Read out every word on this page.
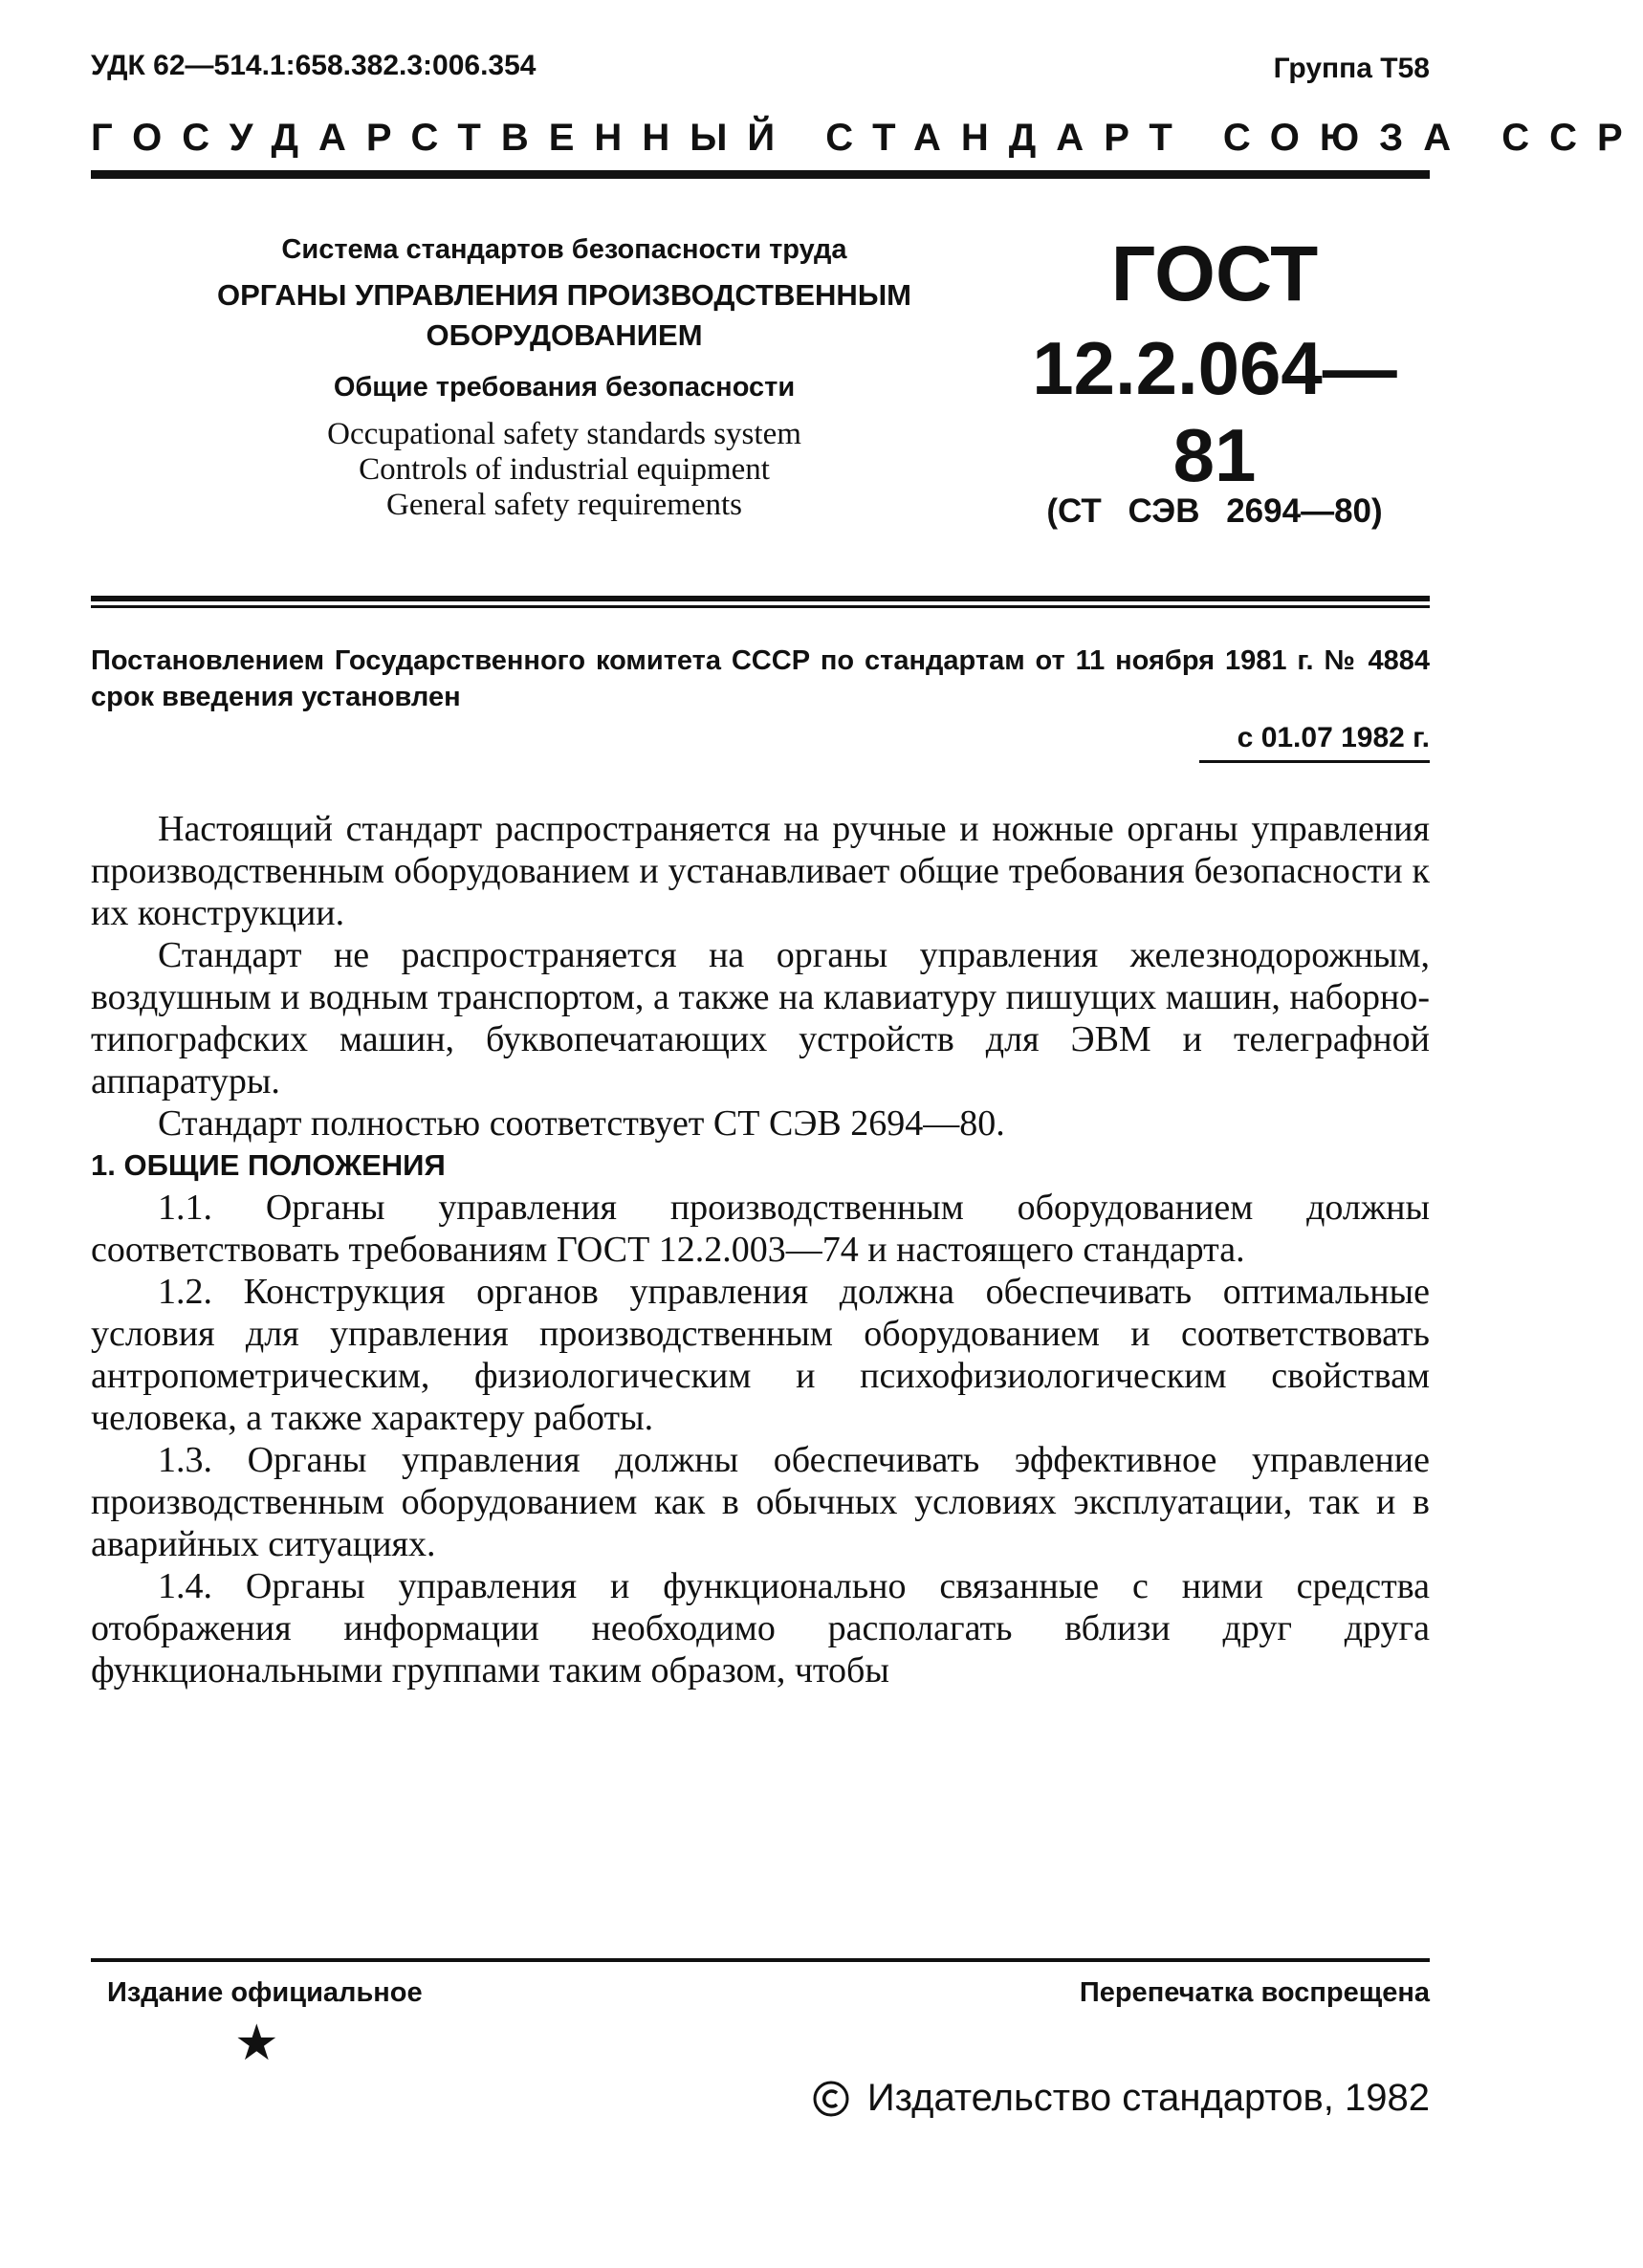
УДК 62—514.1:658.382.3:006.354	Группа Т58
ГОСУДАРСТВЕННЫЙ СТАНДАРТ СОЮЗА ССР
Система стандартов безопасности труда
ОРГАНЫ УПРАВЛЕНИЯ ПРОИЗВОДСТВЕННЫМ
ОБОРУДОВАНИЕМ
Общие требования безопасности
Occupational safety standards system
Controls of industrial equipment
General safety requirements
ГОСТ
12.2.064—81
(СТ СЭВ 2694—80)
Постановлением Государственного комитета СССР по стандартам от 11 ноября 1981 г. № 4884 срок введения установлен
с 01.07 1982 г.

Настоящий стандарт распространяется на ручные и ножные органы управления производственным оборудованием и устанавливает общие требования безопасности к их конструкции.

Стандарт не распространяется на органы управления железнодорожным, воздушным и водным транспортом, а также на клавиатуру пишущих машин, наборно-типографских машин, буквопечатающих устройств для ЭВМ и телеграфной аппаратуры.

Стандарт полностью соответствует СТ СЭВ 2694—80.

1. ОБЩИЕ ПОЛОЖЕНИЯ

1.1. Органы управления производственным оборудованием должны соответствовать требованиям ГОСТ 12.2.003—74 и настоящего стандарта.

1.2. Конструкция органов управления должна обеспечивать оптимальные условия для управления производственным оборудованием и соответствовать антропометрическим, физиологическим и психофизиологическим свойствам человека, а также характеру работы.

1.3. Органы управления должны обеспечивать эффективное управление производственным оборудованием как в обычных условиях эксплуатации, так и в аварийных ситуациях.

1.4. Органы управления и функционально связанные с ними средства отображения информации необходимо располагать вблизи друг друга функциональными группами таким образом, чтобы

Издание официальное	Перепечатка воспрещена
★
Издательство стандартов, 1982
